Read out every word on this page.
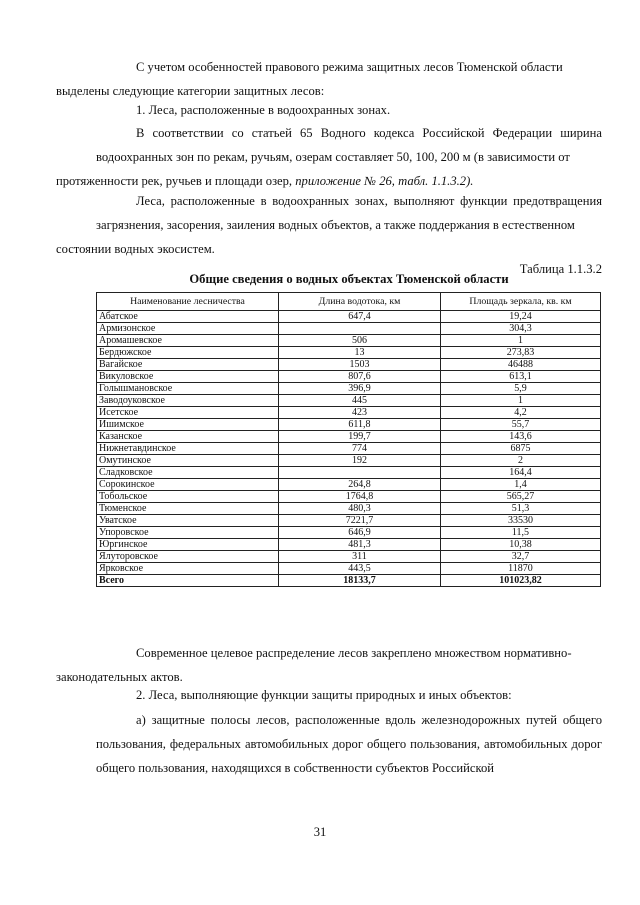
С учетом особенностей правового режима защитных лесов Тюменской области
выделены следующие категории защитных лесов:
1. Леса, расположенные в водоохранных зонах.
В соответствии со статьей 65 Водного кодекса Российской Федерации ширина водоохранных зон по рекам, ручьям, озерам составляет 50, 100, 200 м (в зависимости от
протяженности рек, ручьев и площади озер, приложение № 26, табл. 1.1.3.2).
Леса, расположенные в водоохранных зонах, выполняют функции предотвращения загрязнения, засорения, заиления водных объектов, а также поддержания в естественном
состоянии водных экосистем.
Таблица 1.1.3.2
Общие сведения о водных объектах Тюменской области
Наименование лесничества	Длина водотока, км	Площадь зеркала, кв. км
Абатское	647,4	19,24
Армизонское		304,3
Аромашевское	506	1
Бердюжское	13	273,83
Вагайское	1503	46488
Викуловское	807,6	613,1
Голышмановское	396,9	5,9
Заводоуковское	445	1
Исетское	423	4,2
Ишимское	611,8	55,7
Казанское	199,7	143,6
Нижнетавдинское	774	6875
Омутинское	192	2
Сладковское		164,4
Сорокинское	264,8	1,4
Тобольское	1764,8	565,27
Тюменское	480,3	51,3
Уватское	7221,7	33530
Упоровское	646,9	11,5
Юргинское	481,3	10,38
Ялуторовское	311	32,7
Ярковское	443,5	11870
Всего	18133,7	101023,82
Современное целевое распределение лесов закреплено множеством нормативно-
законодательных актов.
2. Леса, выполняющие функции защиты природных и иных объектов:
а) защитные полосы лесов, расположенные вдоль железнодорожных путей общего пользования, федеральных автомобильных дорог общего пользования, автомобильных дорог общего пользования, находящихся в собственности субъектов Российской
31
